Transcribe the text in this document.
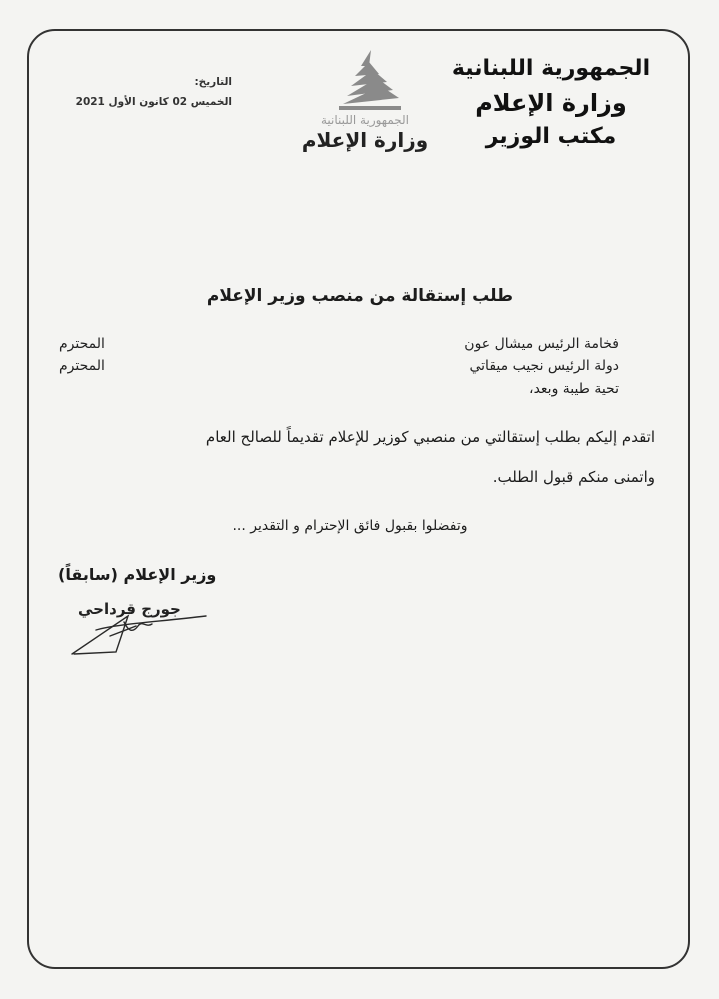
الجمهورية اللبنانية
وزارة الإعلام
مكتب الوزير
الجمهورية اللبنانية
وزارة الإعلام
التاريخ:
الخميس 02 كانون الأول 2021
طلب إستقالة من منصب وزير الإعلام
فخامة الرئيس ميشال عون
المحترم
دولة الرئيس نجيب ميقاتي
المحترم
تحية طيبة وبعد،
اتقدم إليكم بطلب إستقالتي من منصبي كوزير للإعلام تقديماً للصالح العام
واتمنى منكم قبول الطلب.
وتفضلوا بقبول فائق الإحترام و التقدير ...
وزير الإعلام (سابقاً)
جورج قرداحي
